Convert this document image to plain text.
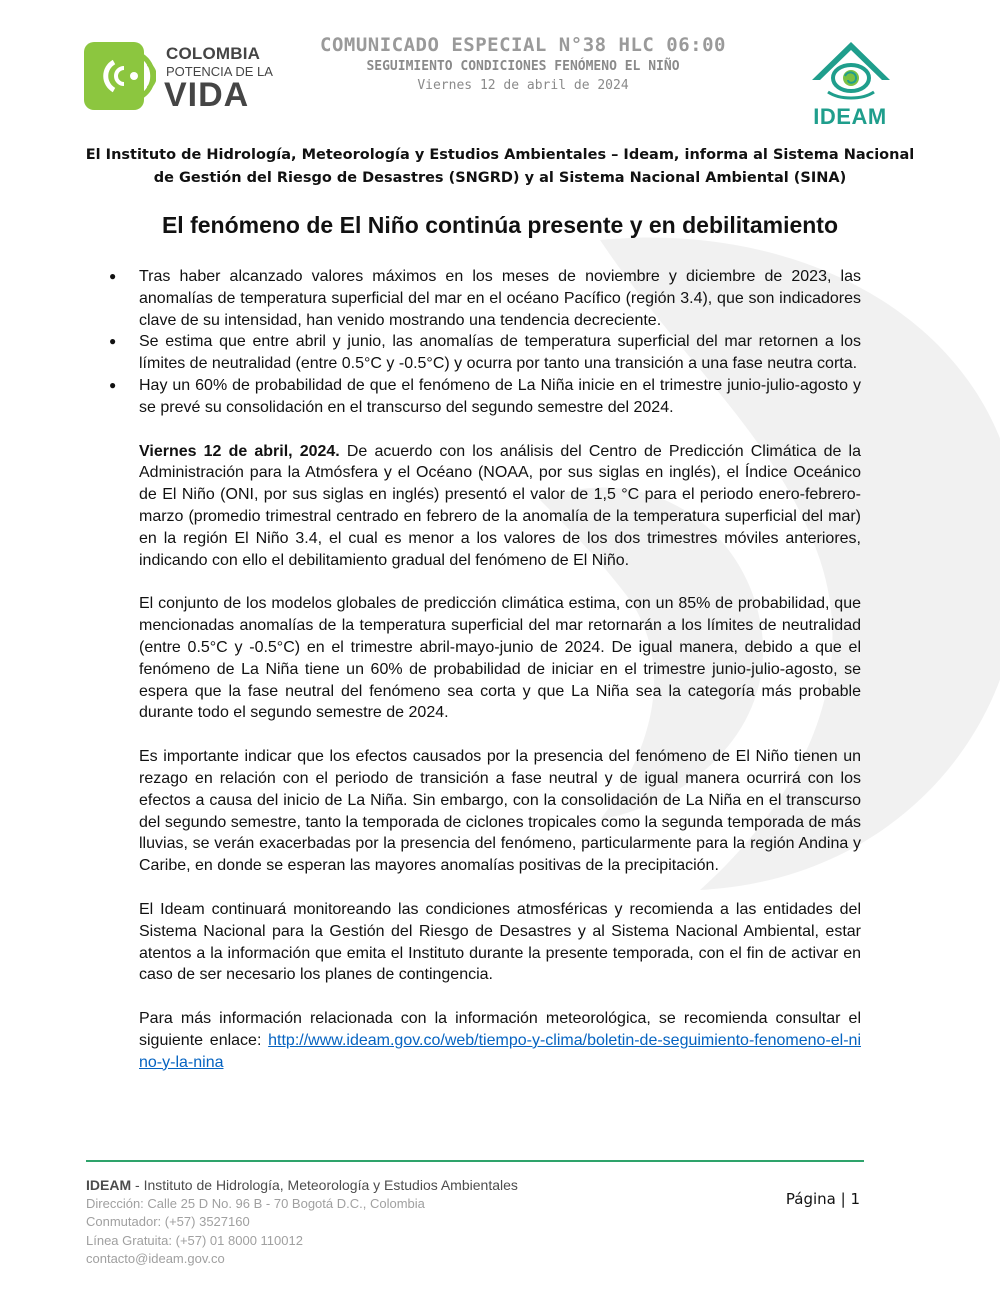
COLOMBIA
POTENCIA DE LA
VIDA
COMUNICADO ESPECIAL N°38 HLC 06:00
SEGUIMIENTO CONDICIONES FENÓMENO EL NIÑO
Viernes 12 de abril de 2024
IDEAM
El Instituto de Hidrología, Meteorología y Estudios Ambientales – Ideam, informa al Sistema Nacional de Gestión del Riesgo de Desastres (SNGRD) y al Sistema Nacional Ambiental (SINA)
El fenómeno de El Niño continúa presente y en debilitamiento
● Tras haber alcanzado valores máximos en los meses de noviembre y diciembre de 2023, las anomalías de temperatura superficial del mar en el océano Pacífico (región 3.4), que son indicadores clave de su intensidad, han venido mostrando una tendencia decreciente.
● Se estima que entre abril y junio, las anomalías de temperatura superficial del mar retornen a los límites de neutralidad (entre 0.5°C y -0.5°C) y ocurra por tanto una transición a una fase neutra corta.
● Hay un 60% de probabilidad de que el fenómeno de La Niña inicie en el trimestre junio-julio-agosto y se prevé su consolidación en el transcurso del segundo semestre del 2024.

Viernes 12 de abril, 2024. De acuerdo con los análisis del Centro de Predicción Climática de la Administración para la Atmósfera y el Océano (NOAA, por sus siglas en inglés), el Índice Oceánico de El Niño (ONI, por sus siglas en inglés) presentó el valor de 1,5 °C para el periodo enero-febrero-marzo (promedio trimestral centrado en febrero de la anomalía de la temperatura superficial del mar) en la región El Niño 3.4, el cual es menor a los valores de los dos trimestres móviles anteriores, indicando con ello el debilitamiento gradual del fenómeno de El Niño.

El conjunto de los modelos globales de predicción climática estima, con un 85% de probabilidad, que mencionadas anomalías de la temperatura superficial del mar retornarán a los límites de neutralidad (entre 0.5°C y -0.5°C) en el trimestre abril-mayo-junio de 2024. De igual manera, debido a que el fenómeno de La Niña tiene un 60% de probabilidad de iniciar en el trimestre junio-julio-agosto, se espera que la fase neutral del fenómeno sea corta y que La Niña sea la categoría más probable durante todo el segundo semestre de 2024.

Es importante indicar que los efectos causados por la presencia del fenómeno de El Niño tienen un rezago en relación con el periodo de transición a fase neutral y de igual manera ocurrirá con los efectos a causa del inicio de La Niña. Sin embargo, con la consolidación de La Niña en el transcurso del segundo semestre, tanto la temporada de ciclones tropicales como la segunda temporada de más lluvias, se verán exacerbadas por la presencia del fenómeno, particularmente para la región Andina y Caribe, en donde se esperan las mayores anomalías positivas de la precipitación.

El Ideam continuará monitoreando las condiciones atmosféricas y recomienda a las entidades del Sistema Nacional para la Gestión del Riesgo de Desastres y al Sistema Nacional Ambiental, estar atentos a la información que emita el Instituto durante la presente temporada, con el fin de activar en caso de ser necesario los planes de contingencia.

Para más información relacionada con la información meteorológica, se recomienda consultar el siguiente enlace: http://www.ideam.gov.co/web/tiempo-y-clima/boletin-de-seguimiento-fenomeno-el-nino-y-la-nina

IDEAM - Instituto de Hidrología, Meteorología y Estudios Ambientales
Dirección: Calle 25 D No. 96 B - 70 Bogotá D.C., Colombia
Conmutador: (+57) 3527160
Línea Gratuita: (+57) 01 8000 110012
contacto@ideam.gov.co
Página | 1
